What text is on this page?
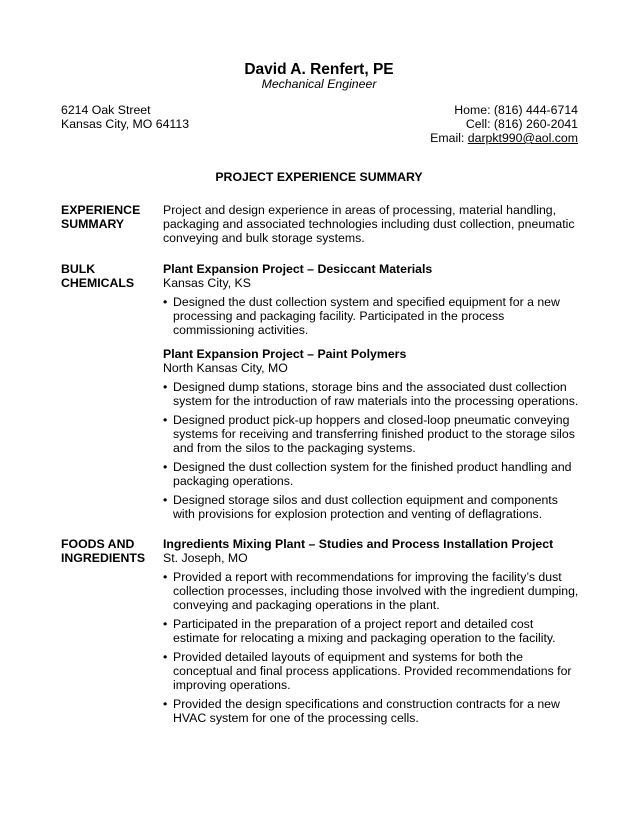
David A. Renfert, PE
Mechanical Engineer
6214 Oak Street
Kansas City, MO 64113
Home: (816) 444-6714
Cell: (816) 260-2041
Email: darpkt990@aol.com
PROJECT EXPERIENCE SUMMARY
EXPERIENCE
SUMMARY

Project and design experience in areas of processing, material handling, packaging and associated technologies including dust collection, pneumatic conveying and bulk storage systems.

BULK
CHEMICALS
Plant Expansion Project – Desiccant Materials
Kansas City, KS
• Designed the dust collection system and specified equipment for a new processing and packaging facility. Participated in the process commissioning activities.
Plant Expansion Project – Paint Polymers
North Kansas City, MO
• Designed dump stations, storage bins and the associated dust collection system for the introduction of raw materials into the processing operations.
• Designed product pick-up hoppers and closed-loop pneumatic conveying systems for receiving and transferring finished product to the storage silos and from the silos to the packaging systems.
• Designed the dust collection system for the finished product handling and packaging operations.
• Designed storage silos and dust collection equipment and components with provisions for explosion protection and venting of deflagrations.
FOODS AND
INGREDIENTS
Ingredients Mixing Plant – Studies and Process Installation Project
St. Joseph, MO
• Provided a report with recommendations for improving the facility’s dust collection processes, including those involved with the ingredient dumping, conveying and packaging operations in the plant.
• Participated in the preparation of a project report and detailed cost estimate for relocating a mixing and packaging operation to the facility.
• Provided detailed layouts of equipment and systems for both the conceptual and final process applications. Provided recommendations for improving operations.
• Provided the design specifications and construction contracts for a new HVAC system for one of the processing cells.
